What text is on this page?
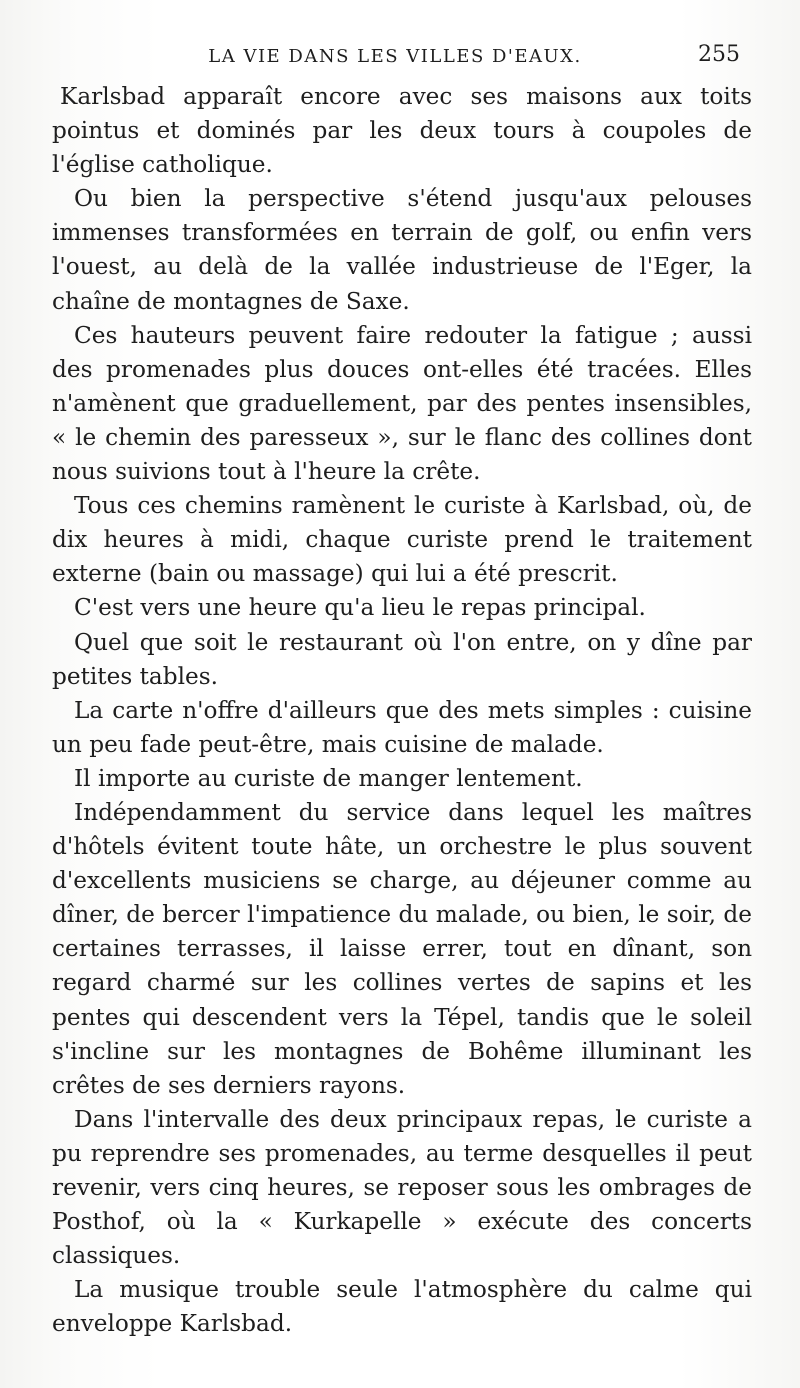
LA VIE DANS LES VILLES D'EAUX.	255

Karlsbad apparaît encore avec ses maisons aux toits pointus et dominés par les deux tours à coupoles de l'église catholique.

Ou bien la perspective s'étend jusqu'aux pelouses immenses transformées en terrain de golf, ou enfin vers l'ouest, au delà de la vallée industrieuse de l'Eger, la chaîne de montagnes de Saxe.

Ces hauteurs peuvent faire redouter la fatigue ; aussi des promenades plus douces ont-elles été tracées. Elles n'amènent que graduellement, par des pentes insensibles, « le chemin des paresseux », sur le flanc des collines dont nous suivions tout à l'heure la crête.

Tous ces chemins ramènent le curiste à Karlsbad, où, de dix heures à midi, chaque curiste prend le traitement externe (bain ou massage) qui lui a été prescrit.

C'est vers une heure qu'a lieu le repas principal.

Quel que soit le restaurant où l'on entre, on y dîne par petites tables.

La carte n'offre d'ailleurs que des mets simples : cuisine un peu fade peut-être, mais cuisine de malade.

Il importe au curiste de manger lentement.

Indépendamment du service dans lequel les maîtres d'hôtels évitent toute hâte, un orchestre le plus souvent d'excellents musiciens se charge, au déjeuner comme au dîner, de bercer l'impatience du malade, ou bien, le soir, de certaines terrasses, il laisse errer, tout en dînant, son regard charmé sur les collines vertes de sapins et les pentes qui descendent vers la Tépel, tandis que le soleil s'incline sur les montagnes de Bohême illuminant les crêtes de ses derniers rayons.

Dans l'intervalle des deux principaux repas, le curiste a pu reprendre ses promenades, au terme desquelles il peut revenir, vers cinq heures, se reposer sous les ombrages de Posthof, où la « Kurkapelle » exécute des concerts classiques.

La musique trouble seule l'atmosphère du calme qui enveloppe Karlsbad.
